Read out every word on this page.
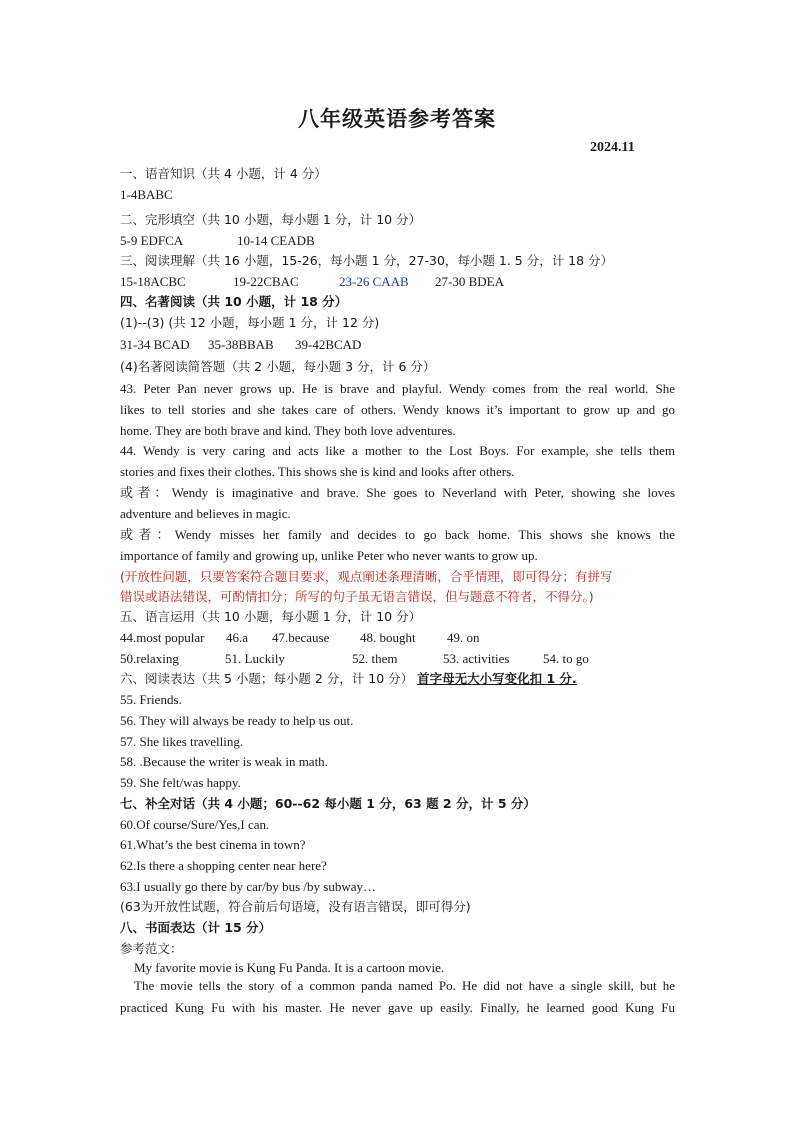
八年级英语参考答案
2024.11
一、语音知识（共 4 小题，计 4 分）
1-4BABC
二、完形填空（共 10 小题，每小题 1 分，计 10 分）
5-9 EDFCA	10-14 CEADB
三、阅读理解（共 16 小题，15-26，每小题 1 分，27-30，每小题 1. 5 分，计 18 分）
15-18ACBC	19-22CBAC	23-26 CAAB 27-30 BDEA
四、名著阅读（共 10 小题，计 18 分）
(1)--(3) (共 12 小题，每小题 1 分，计 12 分)
31-34 BCAD 35-38BBAB 39-42BCAD
(4)名著阅读简答题（共 2 小题，每小题 3 分，计 6 分）
43. Peter Pan never grows up. He is brave and playful. Wendy comes from the real world. She
likes to tell stories and she takes care of others. Wendy knows it’s important to grow up and go
home. They are both brave and kind. They both love adventures.
44. Wendy is very caring and acts like a mother to the Lost Boys. For example, she tells them
stories and fixes their clothes. This shows she is kind and looks after others.
或者：Wendy is imaginative and brave. She goes to Neverland with Peter, showing she loves
adventure and believes in magic.
或者：Wendy misses her family and decides to go back home. This shows she knows the
importance of family and growing up, unlike Peter who never wants to grow up.
(开放性问题，只要答案符合题目要求，观点阐述条理清晰，合乎情理，即可得分；有拼写
错误或语法错误，可酌情扣分；所写的句子虽无语言错误，但与题意不符者，不得分。)
五、语言运用（共 10 小题，每小题 1 分，计 10 分）
44.most popular 46.a 47.because 48. bought 49. on
50.relaxing	51. Luckily	52. them	53. activities	54. to go
六、阅读表达（共 5 小题；每小题 2 分，计 10 分） 首字母无大小写变化扣 1 分.
55. Friends.
56. They will always be ready to help us out.
57. She likes travelling.
58. .Because the writer is weak in math.
59. She felt/was happy.
七、补全对话（共 4 小题；60--62 每小题 1 分，63 题 2 分，计 5 分）
60.Of course/Sure/Yes,I can.
61.What’s the best cinema in town?
62.Is there a shopping center near here?
63.I usually go there by car/by bus /by subway…
(63为开放性试题，符合前后句语境，没有语言错误，即可得分)
八、书面表达（计 15 分）
参考范文：
My favorite movie is Kung Fu Panda. It is a cartoon movie.
The movie tells the story of a common panda named Po. He did not have a single skill, but he
practiced Kung Fu with his master. He never gave up easily. Finally, he learned good Kung Fu
